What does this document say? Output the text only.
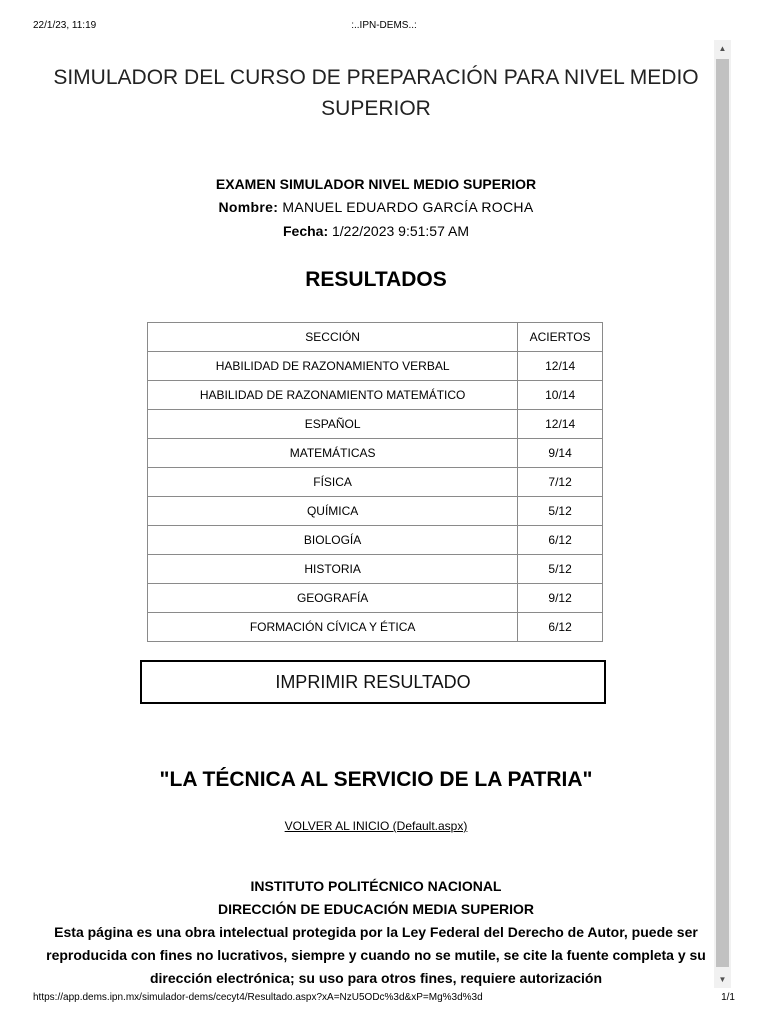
22/1/23, 11:19	:..IPN-DEMS..:
SIMULADOR DEL CURSO DE PREPARACIÓN PARA NIVEL MEDIO SUPERIOR
EXAMEN SIMULADOR NIVEL MEDIO SUPERIOR
Nombre: MANUEL EDUARDO GARCÍA ROCHA
Fecha: 1/22/2023 9:51:57 AM
RESULTADOS
SECCIÓN	ACIERTOS
HABILIDAD DE RAZONAMIENTO VERBAL	12/14
HABILIDAD DE RAZONAMIENTO MATEMÁTICO	10/14
ESPAÑOL	12/14
MATEMÁTICAS	9/14
FÍSICA	7/12
QUÍMICA	5/12
BIOLOGÍA	6/12
HISTORIA	5/12
GEOGRAFÍA	9/12
FORMACIÓN CÍVICA Y ÉTICA	6/12
IMPRIMIR RESULTADO
"LA TÉCNICA AL SERVICIO DE LA PATRIA"
VOLVER AL INICIO (Default.aspx)
INSTITUTO POLITÉCNICO NACIONAL
DIRECCIÓN DE EDUCACIÓN MEDIA SUPERIOR
Esta página es una obra intelectual protegida por la Ley Federal del Derecho de Autor, puede ser reproducida con fines no lucrativos, siempre y cuando no se mutile, se cite la fuente completa y su dirección electrónica; su uso para otros fines, requiere autorización
▲
▼
https://app.dems.ipn.mx/simulador-dems/cecyt4/Resultado.aspx?xA=NzU5ODc%3d&xP=Mg%3d%3d	1/1
